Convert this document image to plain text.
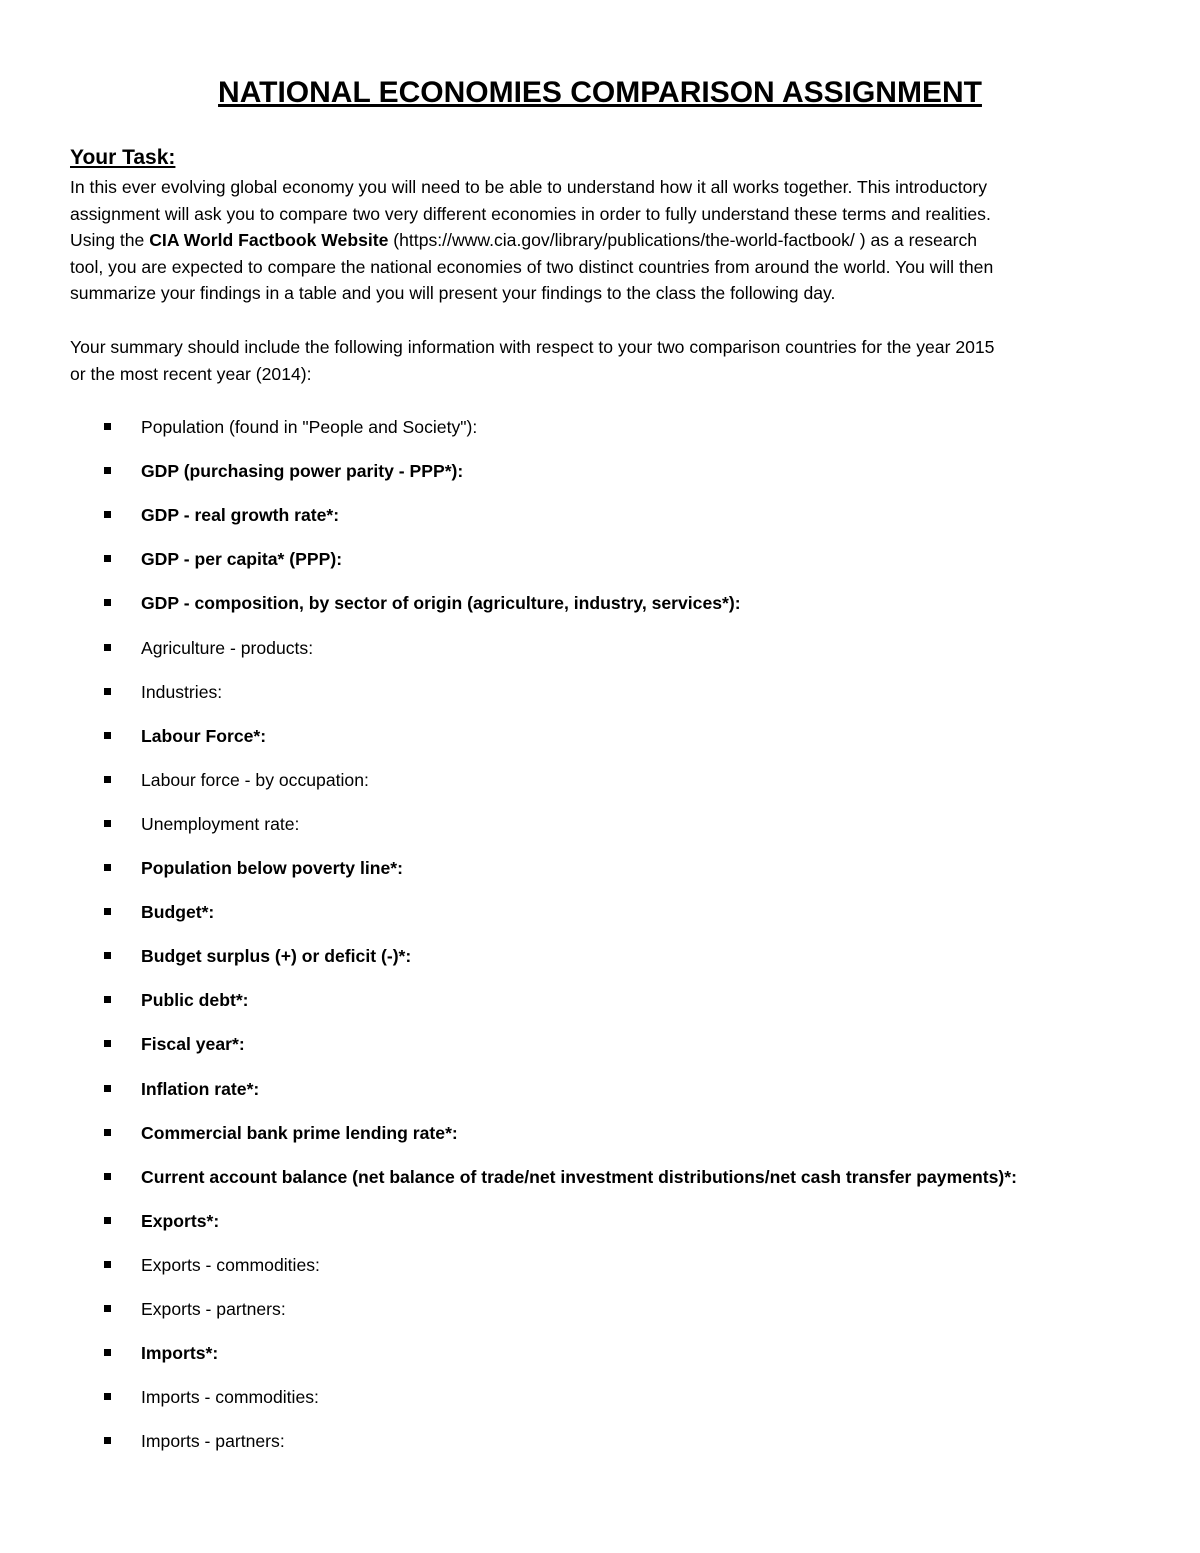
NATIONAL ECONOMIES COMPARISON ASSIGNMENT
Your Task:

In this ever evolving global economy you will need to be able to understand how it all works together. This introductory
assignment will ask you to compare two very different economies in order to fully understand these terms and realities.
Using the CIA World Factbook Website (https://www.cia.gov/library/publications/the-world-factbook/ ) as a research
tool, you are expected to compare the national economies of two distinct countries from around the world. You will then
summarize your findings in a table and you will present your findings to the class the following day.

Your summary should include the following information with respect to your two comparison countries for the year 2015
or the most recent year (2014):

Population (found in "People and Society"):
GDP (purchasing power parity - PPP*):
GDP - real growth rate*:
GDP - per capita* (PPP):
GDP - composition, by sector of origin (agriculture, industry, services*):
Agriculture - products:
Industries:
Labour Force*:
Labour force - by occupation:
Unemployment rate:
Population below poverty line*:
Budget*:
Budget surplus (+) or deficit (-)*:
Public debt*:
Fiscal year*:
Inflation rate*:
Commercial bank prime lending rate*:
Current account balance (net balance of trade/net investment distributions/net cash transfer payments)*:
Exports*:
Exports - commodities:
Exports - partners:
Imports*:
Imports - commodities:
Imports - partners:
